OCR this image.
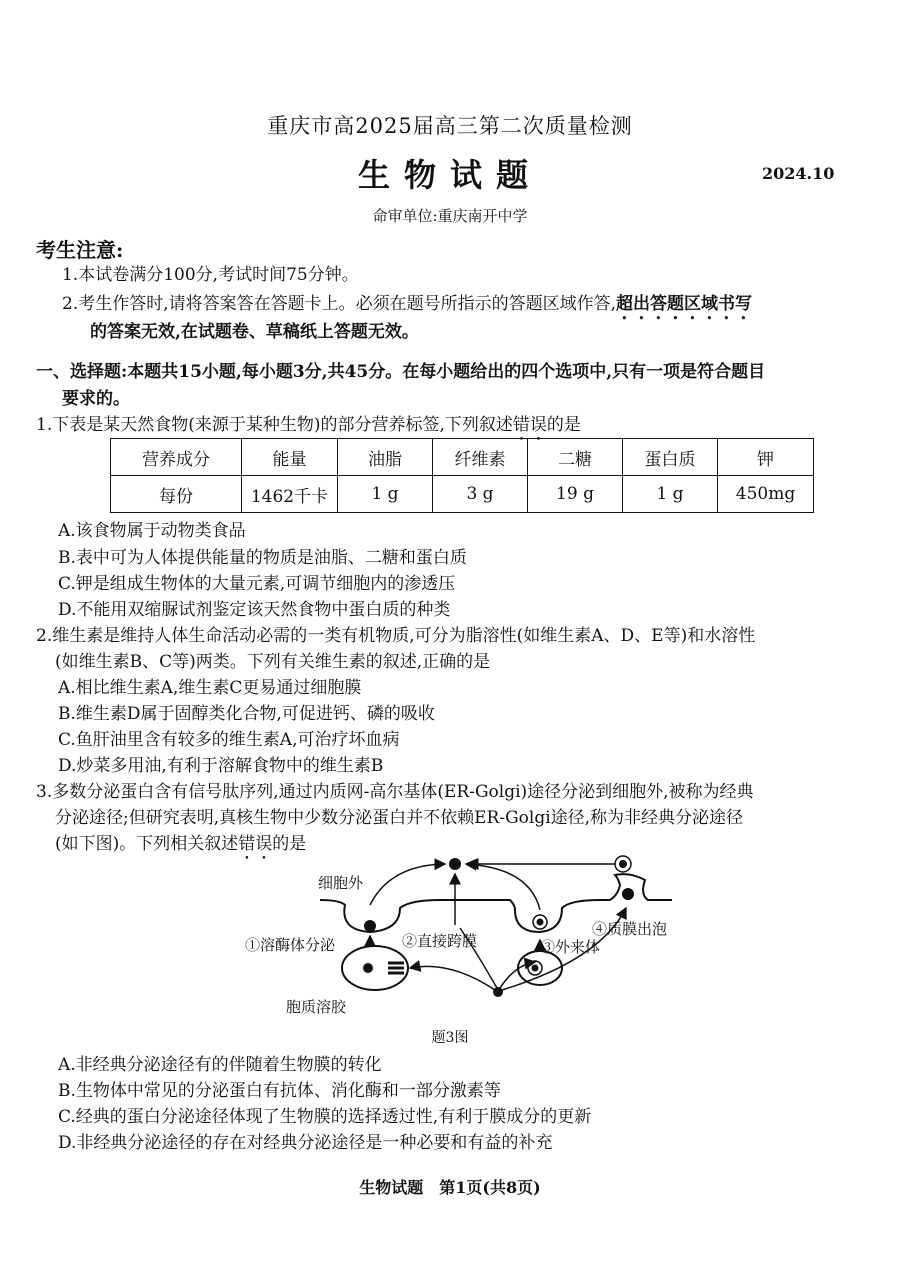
重庆市高2025届高三第二次质量检测
生物试题	2024.10
命审单位:重庆南开中学
考生注意:
1.本试卷满分100分,考试时间75分钟。
2.考生作答时,请将答案答在答题卡上。必须在题号所指示的答题区域作答,超出答题区域书写
的答案无效,在试题卷、草稿纸上答题无效。
一、选择题:本题共15小题,每小题3分,共45分。在每小题给出的四个选项中,只有一项是符合题目
要求的。
1.下表是某天然食物(来源于某种生物)的部分营养标签,下列叙述错误的是
营养成分	能量	油脂	纤维素	二糖	蛋白质	钾
每份	1462千卡	1 g	3 g	19 g	1 g	450mg
A.该食物属于动物类食品
B.表中可为人体提供能量的物质是油脂、二糖和蛋白质
C.钾是组成生物体的大量元素,可调节细胞内的渗透压
D.不能用双缩脲试剂鉴定该天然食物中蛋白质的种类
2.维生素是维持人体生命活动必需的一类有机物质,可分为脂溶性(如维生素A、D、E等)和水溶性
(如维生素B、C等)两类。下列有关维生素的叙述,正确的是
A.相比维生素A,维生素C更易通过细胞膜
B.维生素D属于固醇类化合物,可促进钙、磷的吸收
C.鱼肝油里含有较多的维生素A,可治疗坏血病
D.炒菜多用油,有利于溶解食物中的维生素B
3.多数分泌蛋白含有信号肽序列,通过内质网-高尔基体(ER-Golgi)途径分泌到细胞外,被称为经典
分泌途径;但研究表明,真核生物中少数分泌蛋白并不依赖ER-Golgi途径,称为非经典分泌途径
(如下图)。下列相关叙述错误的是
细胞外
①溶酶体分泌	②直接跨膜	③外来体
④质膜出泡
胞质溶胶
题3图
A.非经典分泌途径有的伴随着生物膜的转化
B.生物体中常见的分泌蛋白有抗体、消化酶和一部分激素等
C.经典的蛋白分泌途径体现了生物膜的选择透过性,有利于膜成分的更新
D.非经典分泌途径的存在对经典分泌途径是一种必要和有益的补充
生物试题　第1页(共8页)
